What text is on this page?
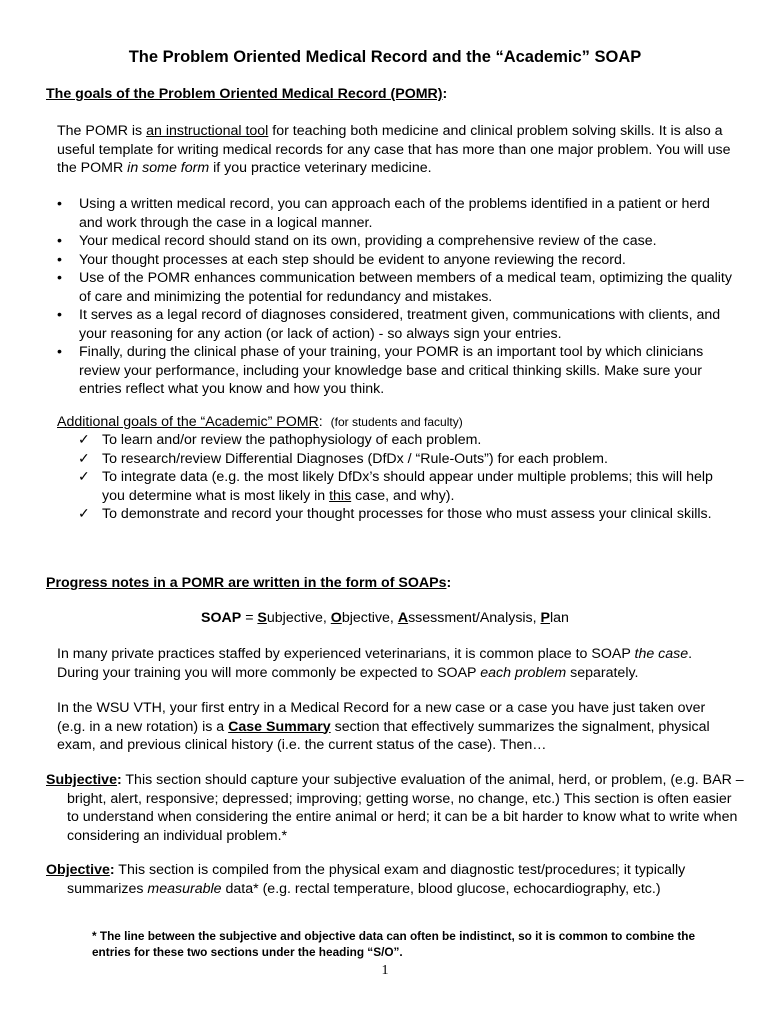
The Problem Oriented Medical Record and the “Academic” SOAP
The goals of the Problem Oriented Medical Record (POMR):
The POMR is an instructional tool for teaching both medicine and clinical problem solving skills. It is also a useful template for writing medical records for any case that has more than one major problem. You will use the POMR in some form if you practice veterinary medicine.
• Using a written medical record, you can approach each of the problems identified in a patient or herd and work through the case in a logical manner.
• Your medical record should stand on its own, providing a comprehensive review of the case.
• Your thought processes at each step should be evident to anyone reviewing the record.
• Use of the POMR enhances communication between members of a medical team, optimizing the quality of care and minimizing the potential for redundancy and mistakes.
• It serves as a legal record of diagnoses considered, treatment given, communications with clients, and your reasoning for any action (or lack of action) - so always sign your entries.
• Finally, during the clinical phase of your training, your POMR is an important tool by which clinicians review your performance, including your knowledge base and critical thinking skills. Make sure your entries reflect what you know and how you think.
Additional goals of the “Academic” POMR: (for students and faculty)
✓ To learn and/or review the pathophysiology of each problem.
✓ To research/review Differential Diagnoses (DfDx / “Rule-Outs”) for each problem.
✓ To integrate data (e.g. the most likely DfDx’s should appear under multiple problems; this will help you determine what is most likely in this case, and why).
✓ To demonstrate and record your thought processes for those who must assess your clinical skills.
Progress notes in a POMR are written in the form of SOAPs:
SOAP = Subjective, Objective, Assessment/Analysis, Plan
In many private practices staffed by experienced veterinarians, it is common place to SOAP the case. During your training you will more commonly be expected to SOAP each problem separately.
In the WSU VTH, your first entry in a Medical Record for a new case or a case you have just taken over (e.g. in a new rotation) is a Case Summary section that effectively summarizes the signalment, physical exam, and previous clinical history (i.e. the current status of the case). Then…
Subjective: This section should capture your subjective evaluation of the animal, herd, or problem, (e.g. BAR – bright, alert, responsive; depressed; improving; getting worse, no change, etc.) This section is often easier to understand when considering the entire animal or herd; it can be a bit harder to know what to write when considering an individual problem.*
Objective: This section is compiled from the physical exam and diagnostic test/procedures; it typically summarizes measurable data* (e.g. rectal temperature, blood glucose, echocardiography, etc.)
* The line between the subjective and objective data can often be indistinct, so it is common to combine the entries for these two sections under the heading “S/O”.
1
